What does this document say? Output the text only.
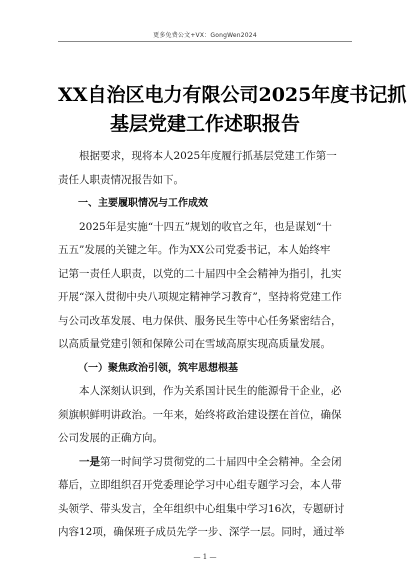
更多免费公文+VX：GongWen2024
XX自治区电力有限公司2025年度书记抓
基层党建工作述职报告
根据要求，现将本人2025年度履行抓基层党建工作第一
责任人职责情况报告如下。
一、主要履职情况与工作成效
2025年是实施“十四五”规划的收官之年，也是谋划“十
五五”发展的关键之年。作为XX公司党委书记，本人始终牢
记第一责任人职责，以党的二十届四中全会精神为指引，扎实
开展“深入贯彻中央八项规定精神学习教育”，坚持将党建工作
与公司改革发展、电力保供、服务民生等中心任务紧密结合，
以高质量党建引领和保障公司在雪域高原实现高质量发展。
（一）聚焦政治引领，筑牢思想根基
本人深刻认识到，作为关系国计民生的能源骨干企业，必
须旗帜鲜明讲政治。一年来，始终将政治建设摆在首位，确保
公司发展的正确方向。
一是第一时间学习贯彻党的二十届四中全会精神。全会闭
幕后，立即组织召开党委理论学习中心组专题学习会，本人带
头领学、带头发言，全年组织中心组集中学习16次，专题研讨
内容12项，确保班子成员先学一步、深学一层。同时，通过举
— 1 —
